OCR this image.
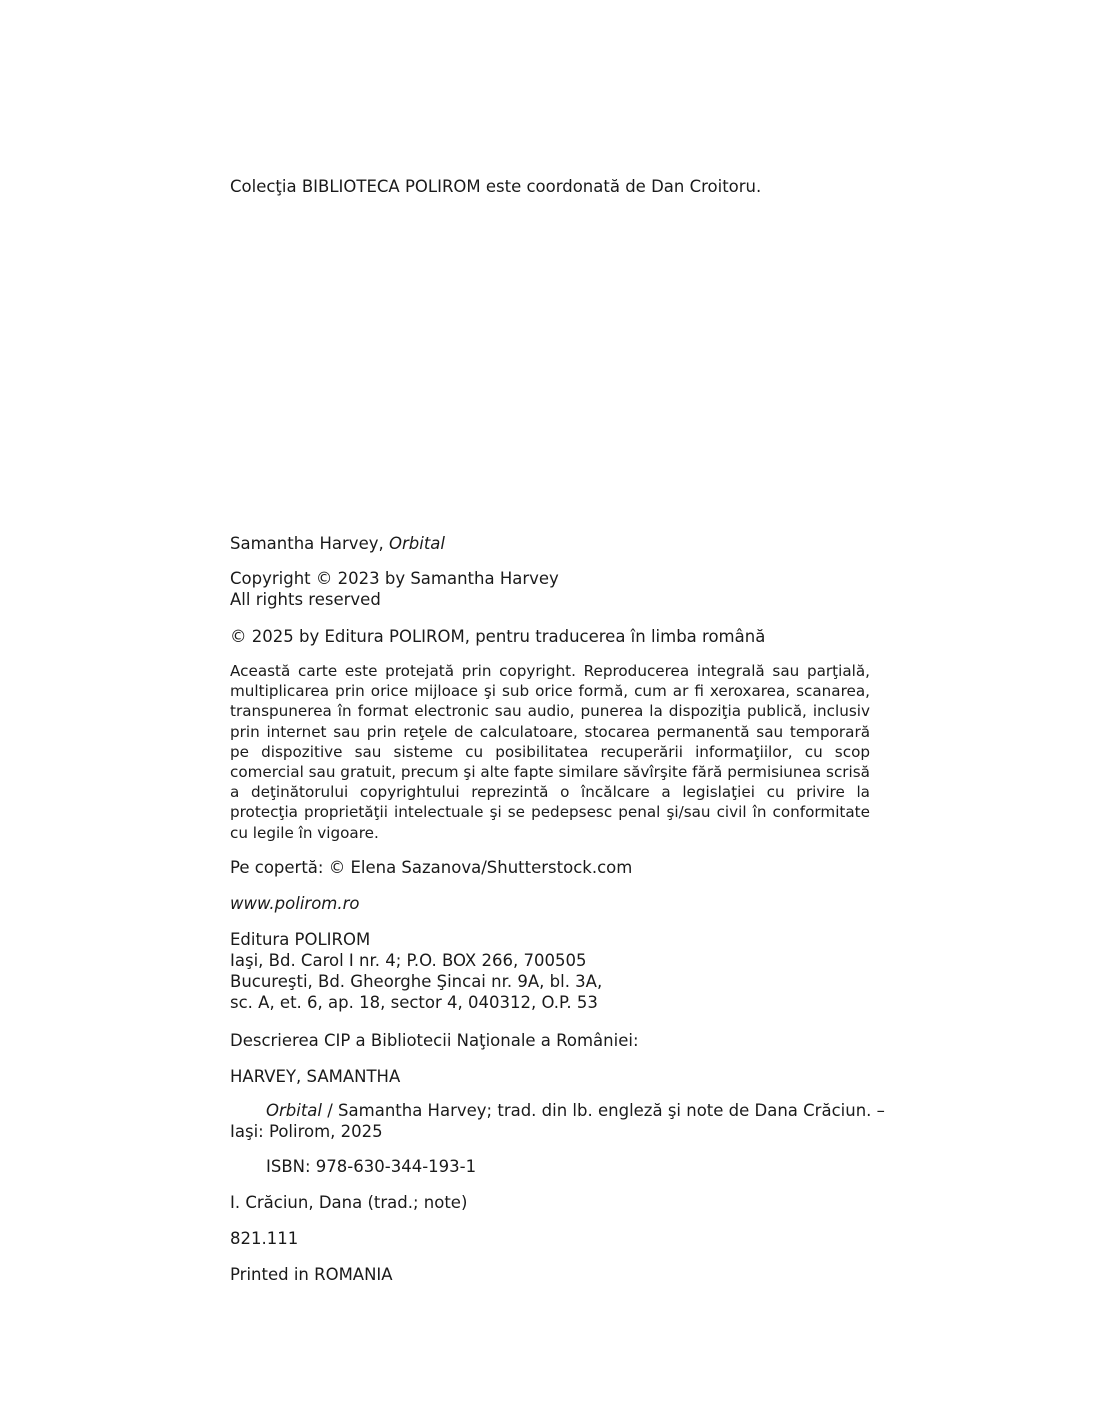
Colecţia BIBLIOTECA POLIROM este coordonată de Dan Croitoru.
Samantha Harvey, Orbital
Copyright © 2023 by Samantha Harvey
All rights reserved
© 2025 by Editura POLIROM, pentru traducerea în limba română
Această carte este protejată prin copyright. Reproducerea integrală sau parţială, multiplicarea prin orice mijloace şi sub orice formă, cum ar fi xeroxarea, scanarea, transpunerea în format electronic sau audio, punerea la dispoziţia publică, inclusiv prin internet sau prin reţele de calculatoare, stocarea permanentă sau temporară pe dispozitive sau sisteme cu posibilitatea recuperării informaţiilor, cu scop comercial sau gratuit, precum şi alte fapte similare săvîrşite fără permisiunea scrisă a deţinătorului copyrightului reprezintă o încălcare a legislaţiei cu privire la protecţia proprietăţii intelectuale şi se pedepsesc penal şi/sau civil în conformitate cu legile în vigoare.
Pe copertă: © Elena Sazanova/Shutterstock.com
www.polirom.ro
Editura POLIROM
Iaşi, Bd. Carol I nr. 4; P.O. BOX 266, 700505
Bucureşti, Bd. Gheorghe Şincai nr. 9A, bl. 3A,
sc. A, et. 6, ap. 18, sector 4, 040312, O.P. 53
Descrierea CIP a Bibliotecii Naţionale a României:
HARVEY, SAMANTHA
Orbital / Samantha Harvey; trad. din lb. engleză şi note de Dana Crăciun. –
Iaşi: Polirom, 2025
ISBN: 978-630-344-193-1
I. Crăciun, Dana (trad.; note)
821.111
Printed in ROMANIA
